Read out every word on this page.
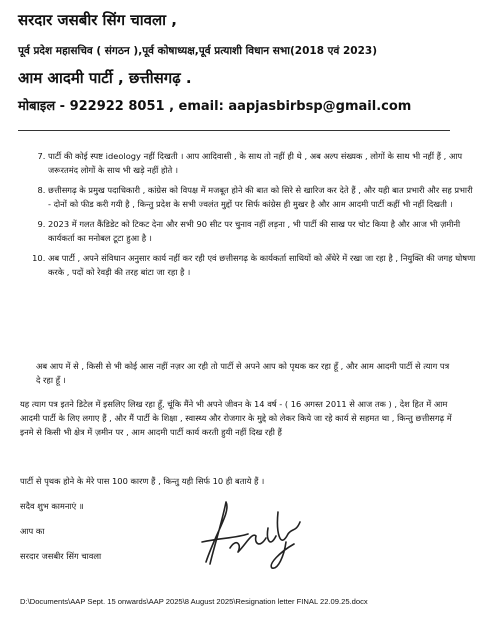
सरदार जसबीर सिंग चावला ,
पूर्व प्रदेश महासचिव ( संगठन ),पूर्व कोषाध्यक्ष,पूर्व प्रत्याशी विधान सभा(2018 एवं 2023)
आम आदमी पार्टी , छत्तीसगढ़ .
मोबाइल - 922922 8051 , email: aapjasbirbsp@gmail.com
7. पार्टी की कोई स्पष्ट ideology नहीं दिखती । आप आदिवासी , के साथ तो नहीं ही थे , अब अल्प संख्यक , लोगों के साथ भी नहीं हैं , आप जरूरतमंद लोगों के साथ भी खड़े नहीं होते ।
8. छत्तीसगढ़ के प्रमुख पदाधिकारी , कांग्रेस को विपक्ष में मजबूत होने की बात को सिरे से खारिज कर देते हैं , और यही बात प्रभारी और सह प्रभारी - दोनों को फीड करी गयी है , किन्तु प्रदेश के सभी ज्वलंत मुद्दों पर सिर्फ कांग्रेस ही मुखर है और आम आदमी पार्टी कहीं भी नहीं दिखती ।
9. 2023 में गलत कैंडिडेट को टिकट देना और सभी 90 सीट पर चुनाव नहीं लड़ना , भी पार्टी की साख पर चोट किया है और आज भी ज़मीनी कार्यकर्ता का मनोबल टूटा हुआ है ।
10. अब पार्टी , अपने संविधान अनुसार कार्य नहीं कर रही एवं छत्तीसगढ़ के कार्यकर्ता साथियों को अँधेरे में रखा जा रहा है , नियुक्ति की जगह घोषणा करके , पदों को रेवड़ी की तरह बांटा जा रहा है ।
अब आप में से , किसी से भी कोई आस नहीं नज़र आ रही तो पार्टी से अपने आप को पृथक कर रहा हूँ , और आम आदमी पार्टी से त्याग पत्र दे रहा हूँ ।
यह त्याग पत्र इतने डिटेल में इसलिए लिख रहा हूँ, चूंकि मैंने भी अपने जीवन के 14 वर्ष - ( 16 अगस्त 2011 से आज तक ) , देश हित में आम आदमी पार्टी के लिए लगाए हैं , और मैं पार्टी के शिक्षा , स्वास्थ्य और रोजगार के मुद्दे को लेकर किये जा रहे कार्य से सहमत था , किन्तु छत्तीसगढ़ में इनमे से किसी भी क्षेत्र में ज़मीन पर , आम आदमी पार्टी कार्य करती हुयी नहीं दिख रही हैं
पार्टी से पृथक होने के मेरे पास 100 कारण हैं , किन्तु यही सिर्फ 10 ही बताये हैं ।
सदैव शुभ कामनाएं ॥
आप का
सरदार जसबीर सिंग चावला
D:\Documents\AAP Sept. 15 onwards\AAP 2025\8 August 2025\Resignation letter FINAL 22.09.25.docx
